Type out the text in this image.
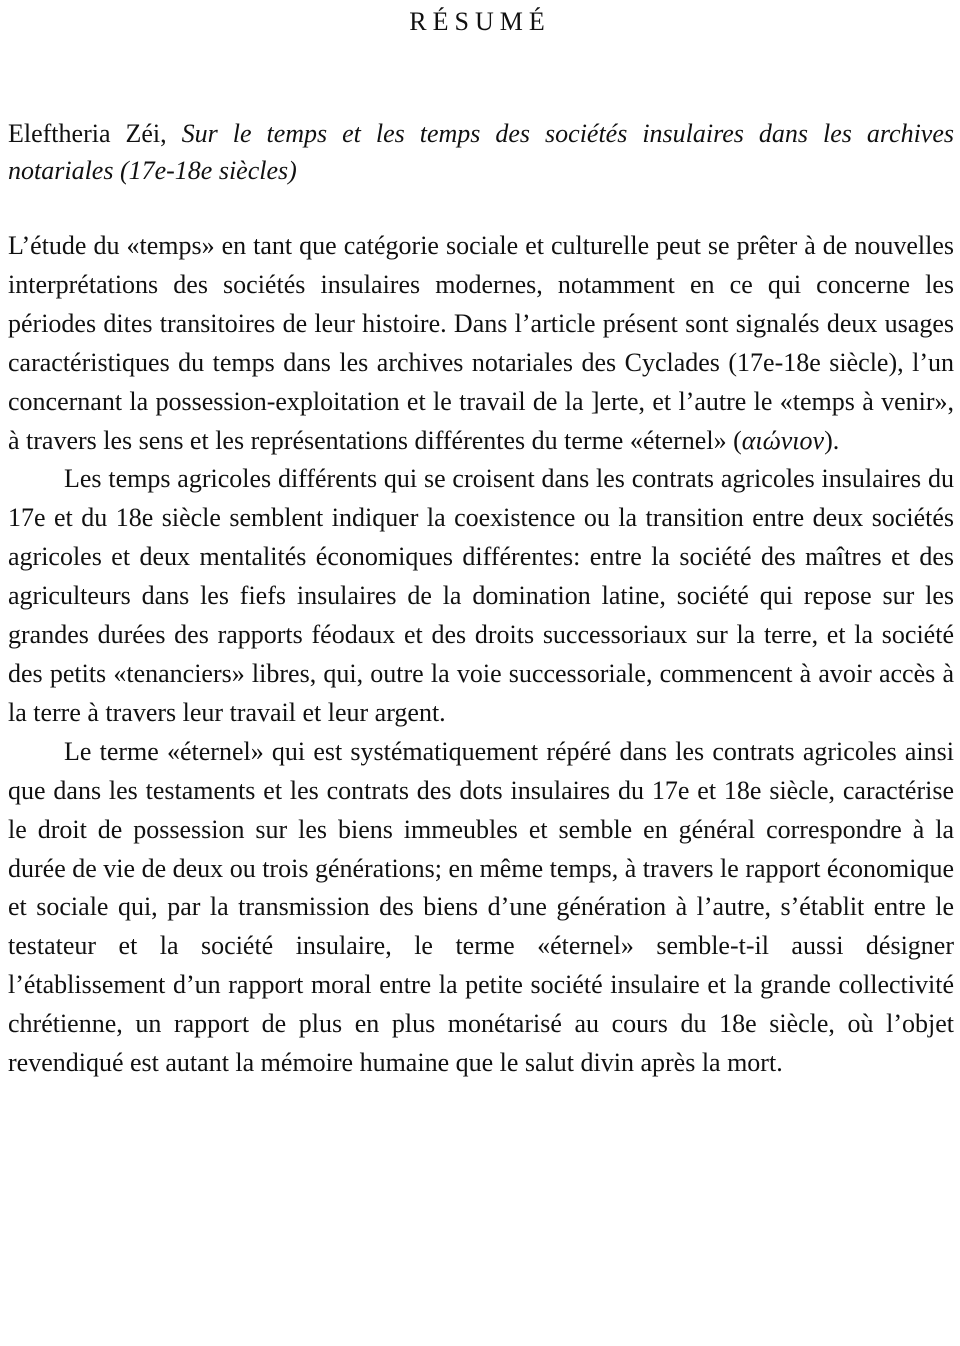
RÉSUMÉ

Eleftheria Zéi, Sur le temps et les temps des sociétés insulaires dans les archives notariales (17e-18e siècles)

L’étude du «temps» en tant que catégorie sociale et culturelle peut se prêter à de nouvelles interprétations des sociétés insulaires modernes, notamment en ce qui concerne les périodes dites transitoires de leur histoire. Dans l’article présent sont signalés deux usages caractéristiques du temps dans les archives notariales des Cyclades (17e-18e siècle), l’un concernant la possession-exploitation et le travail de la ]erte, et l’autre le «temps à venir», à travers les sens et les représentations différentes du terme «éternel» (αιώνιον).

Les temps agricoles différents qui se croisent dans les contrats agricoles insulaires du 17e et du 18e siècle semblent indiquer la coexistence ou la transition entre deux sociétés agricoles et deux mentalités économiques différentes: entre la société des maîtres et des agriculteurs dans les fiefs insulaires de la domination latine, société qui repose sur les grandes durées des rapports féodaux et des droits successoriaux sur la terre, et la société des petits «tenanciers» libres, qui, outre la voie successoriale, commencent à avoir accès à la terre à travers leur travail et leur argent.

Le terme «éternel» qui est systématiquement répéré dans les contrats agricoles ainsi que dans les testaments et les contrats des dots insulaires du 17e et 18e siècle, caractérise le droit de possession sur les biens immeubles et semble en général correspondre à la durée de vie de deux ou trois générations; en même temps, à travers le rapport économique et sociale qui, par la transmission des biens d’une génération à l’autre, s’établit entre le testateur et la société insulaire, le terme «éternel» semble-t-il aussi désigner l’établissement d’un rapport moral entre la petite société insulaire et la grande collectivité chrétienne, un rapport de plus en plus monétarisé au cours du 18e siècle, où l’objet revendiqué est autant la mémoire humaine que le salut divin après la mort.
